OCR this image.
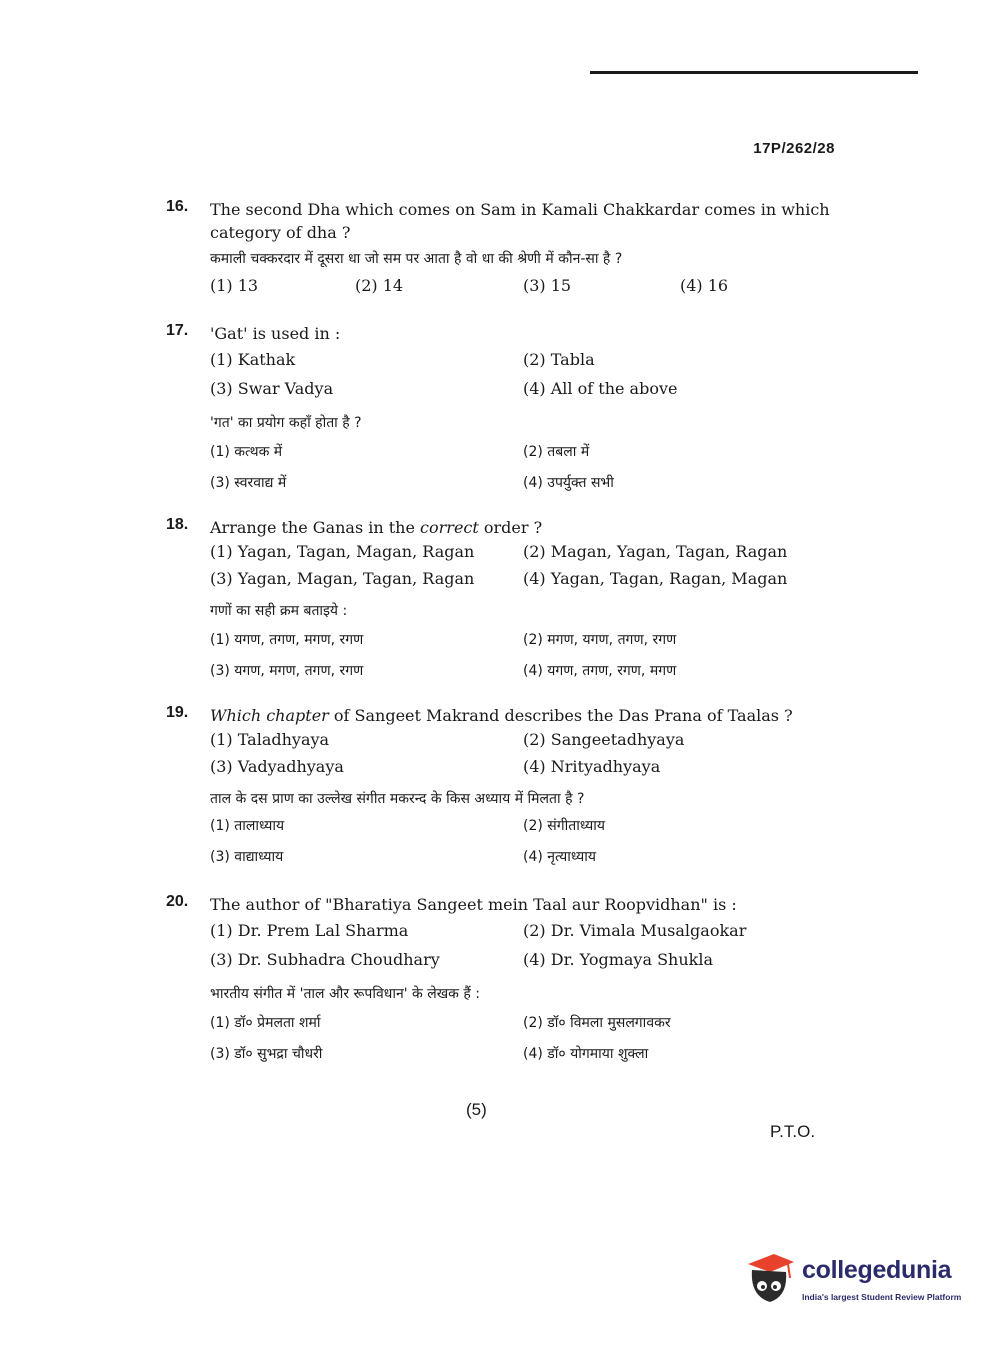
17P/262/28
16. The second Dha which comes on Sam in Kamali Chakkardar comes in which category of dha ?
कमाली चक्करदार में दूसरा धा जो सम पर आता है वो धा की श्रेणी में कौन-सा है ?
(1) 13	(2) 14	(3) 15	(4) 16
17. 'Gat' is used in :
(1) Kathak	(2) Tabla
(3) Swar Vadya	(4) All of the above
'गत' का प्रयोग कहाँ होता है ?
(1) कत्थक में	(2) तबला में
(3) स्वरवाद्य में	(4) उपर्युक्त सभी
18. Arrange the Ganas in the correct order ?
(1) Yagan, Tagan, Magan, Ragan	(2) Magan, Yagan, Tagan, Ragan
(3) Yagan, Magan, Tagan, Ragan	(4) Yagan, Tagan, Ragan, Magan
गणों का सही क्रम बताइये :
(1) यगण, तगण, मगण, रगण	(2) मगण, यगण, तगण, रगण
(3) यगण, मगण, तगण, रगण	(4) यगण, तगण, रगण, मगण
19. Which chapter of Sangeet Makrand describes the Das Prana of Taalas ?
(1) Taladhyaya	(2) Sangeetadhyaya
(3) Vadyadhyaya	(4) Nrityadhyaya
ताल के दस प्राण का उल्लेख संगीत मकरन्द के किस अध्याय में मिलता है ?
(1) तालाध्याय	(2) संगीताध्याय
(3) वाद्याध्याय	(4) नृत्याध्याय
20. The author of "Bharatiya Sangeet mein Taal aur Roopvidhan" is :
(1) Dr. Prem Lal Sharma	(2) Dr. Vimala Musalgaokar
(3) Dr. Subhadra Choudhary	(4) Dr. Yogmaya Shukla
भारतीय संगीत में 'ताल और रूपविधान' के लेखक हैं :
(1) डॉ० प्रेमलता शर्मा	(2) डॉ० विमला मुसलगावकर
(3) डॉ० सुभद्रा चौधरी	(4) डॉ० योगमाया शुक्ला
(5)
P.T.O.
collegedunia
India's largest Student Review Platform
